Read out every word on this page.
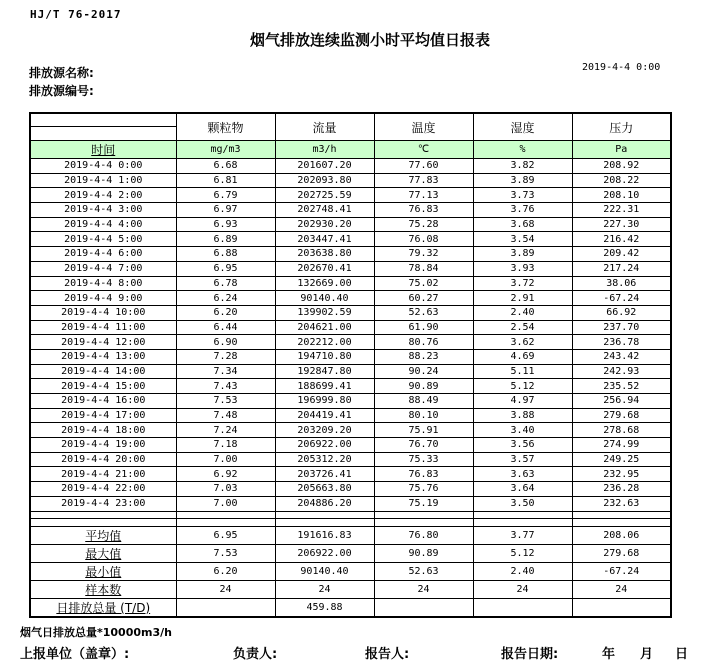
HJ/T 76-2017
烟气排放连续监测小时平均值日报表
排放源名称:	2019-4-4 0:00
排放源编号:
	颗粒物	流量	温度	湿度	压力
时间	mg/m3	m3/h	℃	%	Pa
2019-4-4 0:00	6.68	201607.20	77.60	3.82	208.92
2019-4-4 1:00	6.81	202093.80	77.83	3.89	208.22
2019-4-4 2:00	6.79	202725.59	77.13	3.73	208.10
2019-4-4 3:00	6.97	202748.41	76.83	3.76	222.31
2019-4-4 4:00	6.93	202930.20	75.28	3.68	227.30
2019-4-4 5:00	6.89	203447.41	76.08	3.54	216.42
2019-4-4 6:00	6.88	203638.80	79.32	3.89	209.42
2019-4-4 7:00	6.95	202670.41	78.84	3.93	217.24
2019-4-4 8:00	6.78	132669.00	75.02	3.72	38.06
2019-4-4 9:00	6.24	90140.40	60.27	2.91	-67.24
2019-4-4 10:00	6.20	139902.59	52.63	2.40	66.92
2019-4-4 11:00	6.44	204621.00	61.90	2.54	237.70
2019-4-4 12:00	6.90	202212.00	80.76	3.62	236.78
2019-4-4 13:00	7.28	194710.80	88.23	4.69	243.42
2019-4-4 14:00	7.34	192847.80	90.24	5.11	242.93
2019-4-4 15:00	7.43	188699.41	90.89	5.12	235.52
2019-4-4 16:00	7.53	196999.80	88.49	4.97	256.94
2019-4-4 17:00	7.48	204419.41	80.10	3.88	279.68
2019-4-4 18:00	7.24	203209.20	75.91	3.40	278.68
2019-4-4 19:00	7.18	206922.00	76.70	3.56	274.99
2019-4-4 20:00	7.00	205312.20	75.33	3.57	249.25
2019-4-4 21:00	6.92	203726.41	76.83	3.63	232.95
2019-4-4 22:00	7.03	205663.80	75.76	3.64	236.28
2019-4-4 23:00	7.00	204886.20	75.19	3.50	232.63

平均值	6.95	191616.83	76.80	3.77	208.06
最大值	7.53	206922.00	90.89	5.12	279.68
最小值	6.20	90140.40	52.63	2.40	-67.24
样本数	24	24	24	24	24
日排放总量 (T/D)		459.88			
烟气日排放总量*10000m3/h
上报单位（盖章）:	负责人:	报告人:	报告日期:	年 月 日
